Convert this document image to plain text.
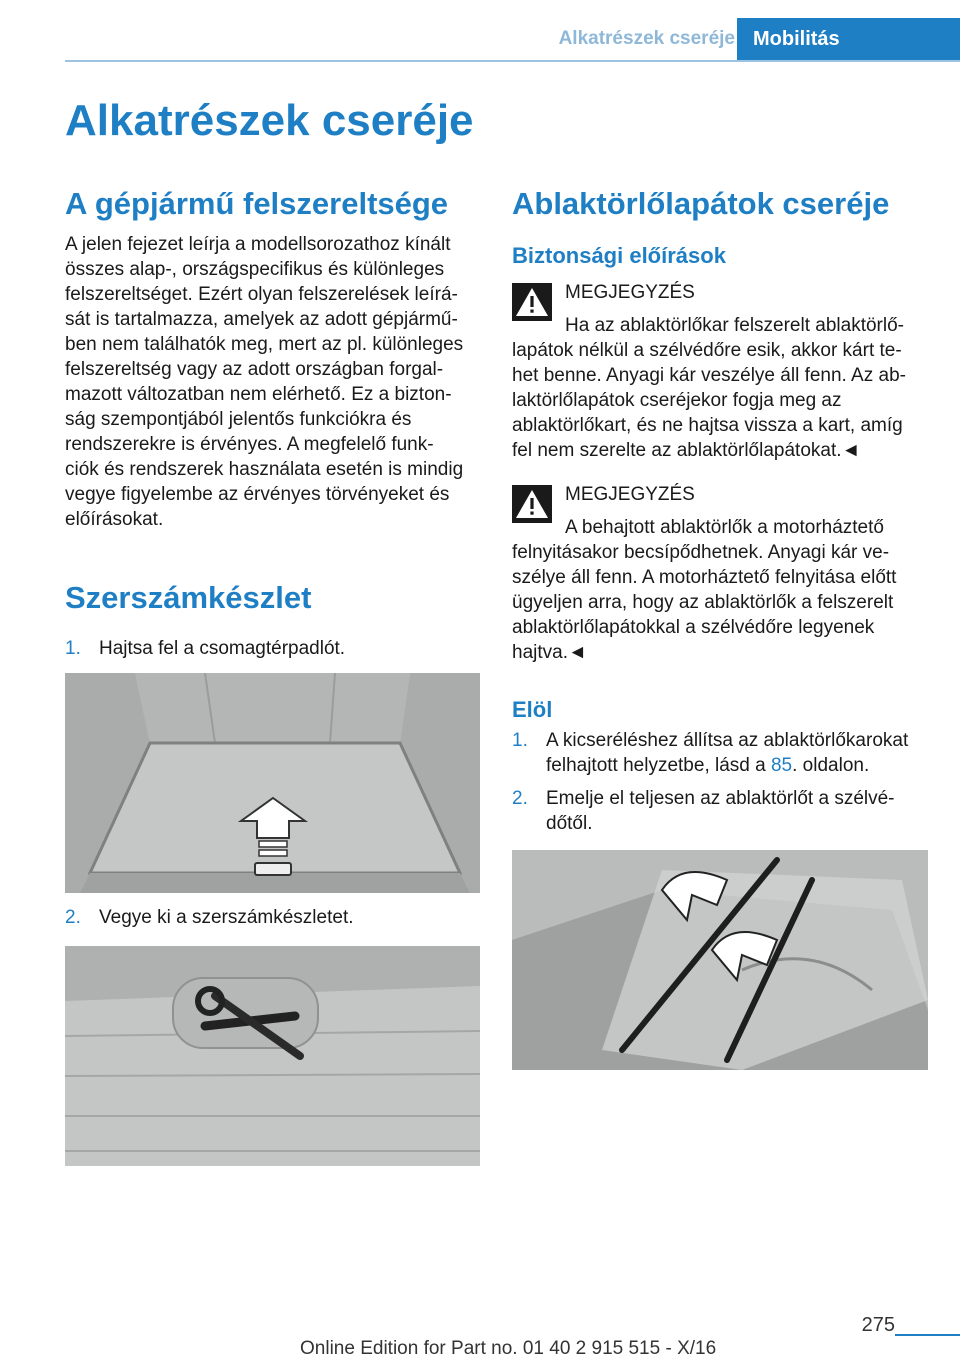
Alkatrészek cseréje Mobilitás
Alkatrészek cseréje
A gépjármű felszereltsége

A jelen fejezet leírja a modellsorozathoz kínált

összes alap-, országspecifikus és különleges

felszereltséget. Ezért olyan felszerelések leírá-

sát is tartalmazza, amelyek az adott gépjármű-

ben nem találhatók meg, mert az pl. különleges

felszereltség vagy az adott országban forgal-

mazott változatban nem elérhető. Ez a bizton-

ság szempontjából jelentős funkciókra és

rendszerekre is érvényes. A megfelelő funk-

ciók és rendszerek használata esetén is mindig

vegye figyelembe az érvényes törvényeket és

előírásokat.

Szerszámkészlet
1. Hajtsa fel a csomagtérpadlót.
2. Vegye ki a szerszámkészletet.
Ablaktörlőlapátok cseréje
Biztonsági előírások
MEGJEGYZÉS

Ha az ablaktörlőkar felszerelt ablaktörlő-

lapátok nélkül a szélvédőre esik, akkor kárt te-

het benne. Anyagi kár veszélye áll fenn. Az ab-

laktörlőlapátok cseréjekor fogja meg az

ablaktörlőkart, és ne hajtsa vissza a kart, amíg

fel nem szerelte az ablaktörlőlapátokat.◄

MEGJEGYZÉS

A behajtott ablaktörlők a motorháztető

felnyitásakor becsípődhetnek. Anyagi kár ve-

szélye áll fenn. A motorháztető felnyitása előtt

ügyeljen arra, hogy az ablaktörlők a felszerelt

ablaktörlőlapátokkal a szélvédőre legyenek

hajtva.◄

Elöl
1. A kicseréléshez állítsa az ablaktörlőkarokat
felhajtott helyzetbe, lásd a 85. oldalon.
2. Emelje el teljesen az ablaktörlőt a szélvé-
dőtől.
275
Online Edition for Part no. 01 40 2 915 515 - X/16
